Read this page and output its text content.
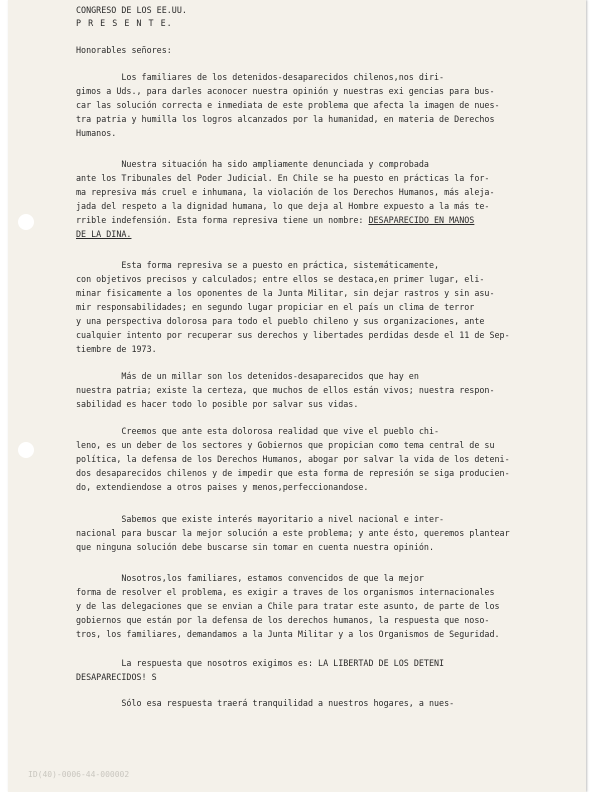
CONGRESO DE LOS EE.UU.
P R E S E N T E.
Honorables señores:
Los familiares de los detenidos-desaparecidos chilenos,nos diri-
gimos a Uds., para darles aconocer nuestra opinión y nuestras exi gencias para bus-
car las solución correcta e inmediata de este problema que afecta la imagen de nues-
tra patria y humilla los logros alcanzados por la humanidad, en materia de Derechos
Humanos.
Nuestra situación ha sido ampliamente denunciada y comprobada
ante los Tribunales del Poder Judicial. En Chile se ha puesto en prácticas la for-
ma represiva más cruel e inhumana, la violación de los Derechos Humanos, más aleja-
jada del respeto a la dignidad humana, lo que deja al Hombre expuesto a la más te-
rrible indefensión. Esta forma represiva tiene un nombre: DESAPARECIDO EN MANOS
DE LA DINA.
Esta forma represiva se a puesto en práctica, sistemáticamente,
con objetivos precisos y calculados; entre ellos se destaca,en primer lugar, eli-
minar fisicamente a los oponentes de la Junta Militar, sin dejar rastros y sin asu-
mir responsabilidades; en segundo lugar propiciar en el país un clima de terror
y una perspectiva dolorosa para todo el pueblo chileno y sus organizaciones, ante
cualquier intento por recuperar sus derechos y libertades perdidas desde el 11 de Sep-
tiembre de 1973.
Más de un millar son los detenidos-desaparecidos que hay en
nuestra patria; existe la certeza, que muchos de ellos están vivos; nuestra respon-
sabilidad es hacer todo lo posible por salvar sus vidas.
Creemos que ante esta dolorosa realidad que vive el pueblo chi-
leno, es un deber de los sectores y Gobiernos que propician como tema central de su
política, la defensa de los Derechos Humanos, abogar por salvar la vida de los deteni-
dos desaparecidos chilenos y de impedir que esta forma de represión se siga producien-
do, extendiendose a otros paises y menos,perfeccionandose.
Sabemos que existe interés mayoritario a nivel nacional e inter-
nacional para buscar la mejor solución a este problema; y ante ésto, queremos plantear
que ninguna solución debe buscarse sin tomar en cuenta nuestra opinión.
Nosotros,los familiares, estamos convencidos de que la mejor
forma de resolver el problema, es exigir a traves de los organismos internacionales
y de las delegaciones que se envian a Chile para tratar este asunto, de parte de los
gobiernos que están por la defensa de los derechos humanos, la respuesta que noso-
tros, los familiares, demandamos a la Junta Militar y a los Organismos de Seguridad.
La respuesta que nosotros exigimos es: LA LIBERTAD DE LOS DETENI
DESAPARECIDOS! S
Sólo esa respuesta traerá tranquilidad a nuestros hogares, a nues-
ID(40)-0006-44-000002
